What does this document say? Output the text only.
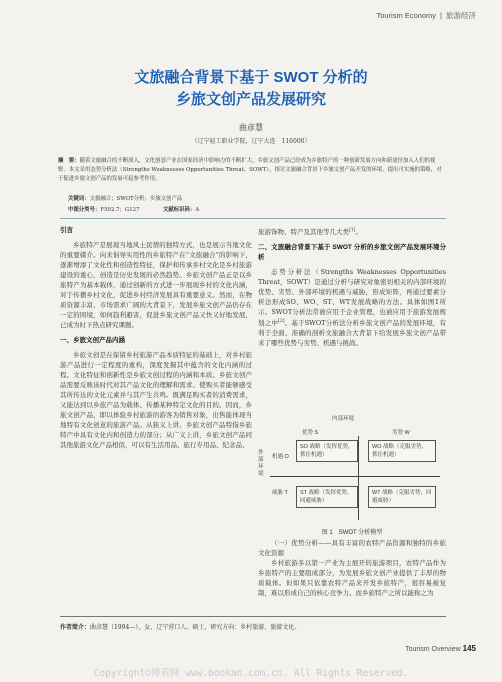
Tourism Economy | 旅游经济
文旅融合背景下基于 SWOT 分析的
乡旅文创产品发展研究
曲彦慧
（辽宁轻工职业学院，辽宁大连　116000）
摘　要：随着文旅融合的不断深入，文化创意产业在国家经济中影响力的不断扩大，乡旅文创产品已经成为乡旅特产的一种创新发展方向和新途径加入人们的视野。本文采用态势分析法（Strengths Weaknesses Opportunities Threat，SOWT），探讨文旅融合背景下乡旅文创产品开发的环境，提出可实施的策略，对于促进乡旅文创产品的发展可起参考作用。
关键词：文旅融合；SWOT分析；乡旅文创产品
中图分类号：F592.7；G127	文献标识码：A

引言

乡旅特产是展现当地风土民情的独特方式，也是展示当地文化的重要媒介。向来倡导实用性的乡旅特产在“文旅融合”的影响下，逐渐增添了文化性和创造性特征，保护和传承乡村文化是乡村旅游建设的重心，创造是历史发展的必然趋势。乡旅文创产品正是以乡旅特产为基本载体，通过创新的方式进一步展现乡村的文化内涵，对于传播乡村文化，促进乡村经济发展具有重要意义。然而，在物质资源丰富、市场需求广阔的大背景下，发展乡旅文创产品仍存在一定的困境，如何趋利避害，促进乡旅文创产品又快又好地发展，已成为时下热点研究课题。

一、乡旅文创产品内涵

乡旅文创是在保留乡村旅游产品本质特征的基础上，对乡村旅游产品进行一定程度的重构，深度发掘其中蕴含的文化内涵的过程。文化特征和创新性是乡旅文创过程的内涵和本质。乡旅文创产品需要反映该时代对其产品文化的理解和需求。使购买者能够感受其所传达的文化元素并与其产生共鸣。既满足购买者的消费需求，又能达到以乡旅产品为载体、传播某种特定文化的目的。因而，乡旅文创产品，即以体验乡村旅游的游客为销售对象，出售能体现当地特有文化创意的旅游产品。从狭义上讲，乡旅文创产品特指乡旅特产中具有文化内和创造力的部分；从广义上讲，乡旅文创产品同其他旅游文化产品相似，可以有生活用品、旅行专用品、纪念品、

旅游饰物、特产及其他等几大类[1]。

二、文旅融合背景下基于 SWOT 分析的乡旅文创产品发展环境分析

态势分析法（Strengths Weaknesses Opportunities Threat，SOWT）是通过分析与研究对象密切相关的内部环境的优势、劣势、外部环境的机遇与威胁，形成矩阵，再通过要素分析法形成SO、WO、ST、WT发展战略的方法。具体如图1所示。SWOT分析法常被应用于企业管理，也被应用于旅游发展规划之中[2]。基于SWOT分析法分析乡旅文创产品的发展环境，有利于全面、准确的剖析文旅融合大背景下给发展乡旅文创产品带来了哪些优势与劣势、机遇与挑战。

内部环境
外部环境
优势 S	劣势 W
机遇 O
威胁 T
SO 战略（发挥优势，抓住机遇）
WO 战略（克服劣势，抓住机遇）
ST 战略（发挥优势，回避威胁）
WT 战略（克服劣势，回避威胁）
图 1　SWOT 分析模型

（一）优势分析——具有丰富的农特产品资源和独特的乡旅文化资源

乡村旅游多以第一产业为主展开的旅游项目，农特产品作为乡旅特产的主要组成部分，为发展乡旅文创产业提供了丰厚的物质载体。但如果只依靠农特产品来开发乡旅特产，很容易被复制，难以形成自己的核心竞争力。而乡旅特产之所以能称之为

作者简介：曲彦慧（1994—），女，辽宁营口人，硕士，研究方向：乡村旅游、旅游文化。
Tourism Overview 145
Copyright©博看网 www.bookan.com.cn. All Rights Reserved.
